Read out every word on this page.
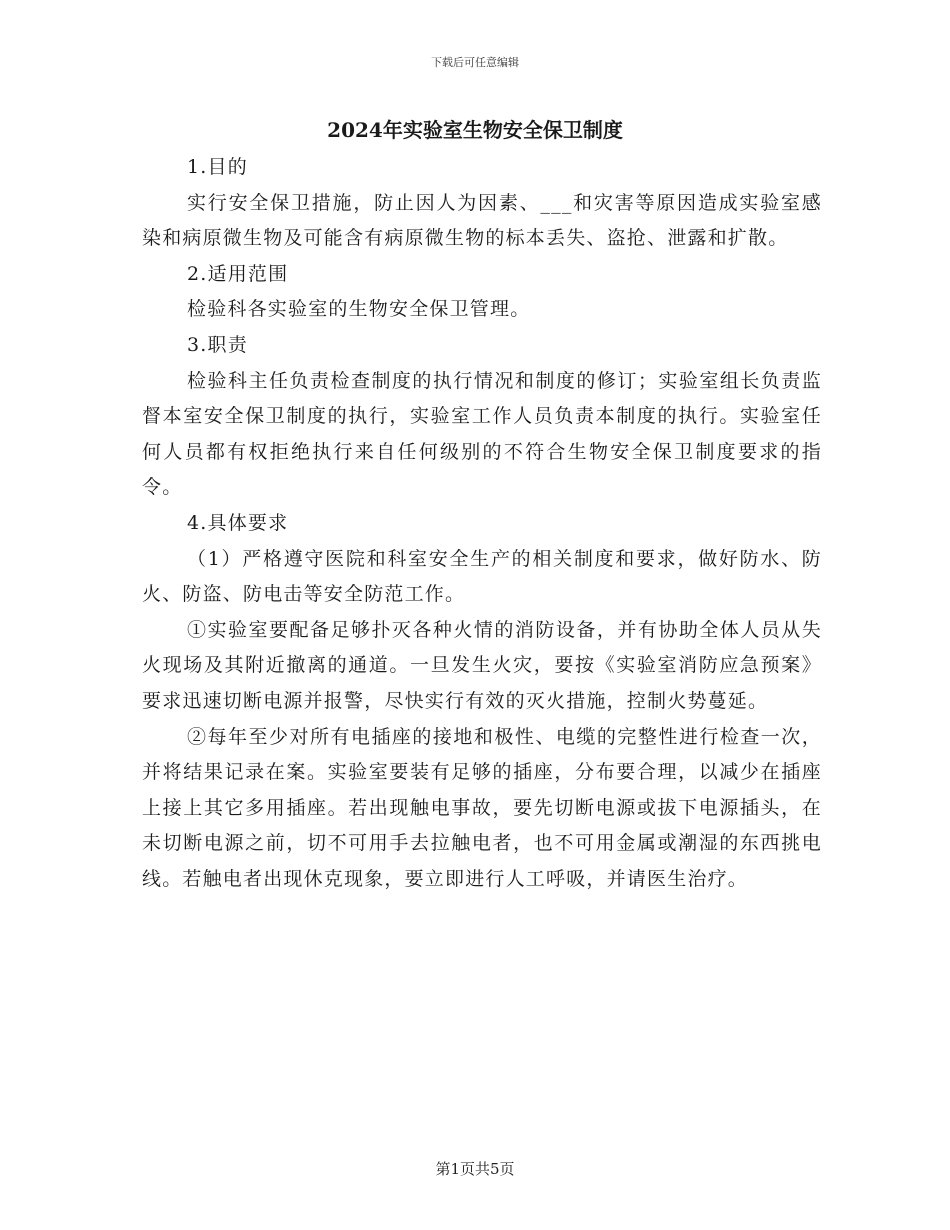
下载后可任意编辑
2024年实验室生物安全保卫制度

1.目的

实行安全保卫措施，防止因人为因素、___和灾害等原因造成实验室感染和病原微生物及可能含有病原微生物的标本丢失、盗抢、泄露和扩散。

2.适用范围

检验科各实验室的生物安全保卫管理。

3.职责

检验科主任负责检查制度的执行情况和制度的修订；实验室组长负责监督本室安全保卫制度的执行，实验室工作人员负责本制度的执行。实验室任何人员都有权拒绝执行来自任何级别的不符合生物安全保卫制度要求的指令。

4.具体要求

（1）严格遵守医院和科室安全生产的相关制度和要求，做好防水、防火、防盗、防电击等安全防范工作。

①实验室要配备足够扑灭各种火情的消防设备，并有协助全体人员从失火现场及其附近撤离的通道。一旦发生火灾，要按《实验室消防应急预案》要求迅速切断电源并报警，尽快实行有效的灭火措施，控制火势蔓延。

②每年至少对所有电插座的接地和极性、电缆的完整性进行检查一次，并将结果记录在案。实验室要装有足够的插座，分布要合理，以减少在插座上接上其它多用插座。若出现触电事故，要先切断电源或拔下电源插头，在未切断电源之前，切不可用手去拉触电者，也不可用金属或潮湿的东西挑电线。若触电者出现休克现象，要立即进行人工呼吸，并请医生治疗。

第1页共5页
